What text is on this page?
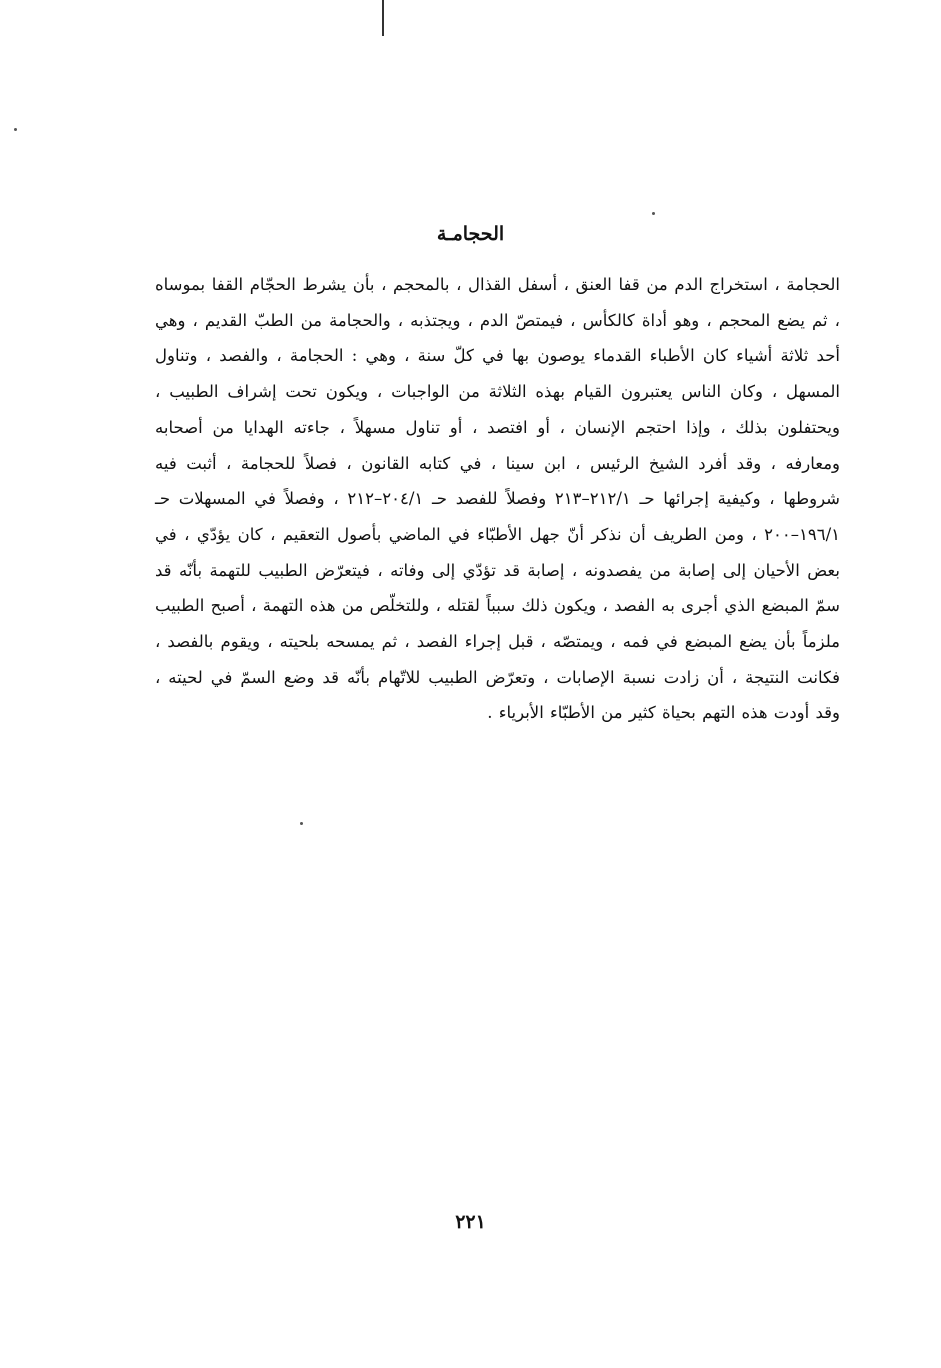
الحجامـة

الحجامة ، استخراج الدم من قفا العنق ، أسفل القذال ، بالمحجم ، بأن يشرط الحجّام القفا بموساه ، ثم يضع المحجم ، وهو أداة كالكأس ، فيمتصّ الدم ، ويجتذبه ، والحجامة من الطبّ القديم ، وهي أحد ثلاثة أشياء كان الأطباء القدماء يوصون بها في كلّ سنة ، وهي : الحجامة ، والفصد ، وتناول المسهل ، وكان الناس يعتبرون القيام بهذه الثلاثة من الواجبات ، ويكون تحت إشراف الطبيب ، ويحتفلون بذلك ، وإذا احتجم الإنسان ، أو افتصد ، أو تناول مسهلاً ، جاءته الهدايا من أصحابه ومعارفه ، وقد أفرد الشيخ الرئيس ، ابن سينا ، في كتابه القانون ، فصلاً للحجامة ، أثبت فيه شروطها ، وكيفية إجرائها حـ ٢١٢/١–٢١٣ وفصلاً للفصد حـ ٢٠٤/١–٢١٢ ، وفصلاً في المسهلات حـ ١٩٦/١–٢٠٠ ، ومن الطريف أن نذكر أنّ جهل الأطبّاء في الماضي بأصول التعقيم ، كان يؤدّي ، في بعض الأحيان إلى إصابة من يفصدونه ، إصابة قد تؤدّي إلى وفاته ، فيتعرّض الطبيب للتهمة بأنّه قد سمّ المبضع الذي أجرى به الفصد ، ويكون ذلك سبباً لقتله ، وللتخلّص من هذه التهمة ، أصبح الطبيب ملزماً بأن يضع المبضع في فمه ، ويمتصّه ، قبل إجراء الفصد ، ثم يمسحه بلحيته ، ويقوم بالفصد ، فكانت النتيجة ، أن زادت نسبة الإصابات ، وتعرّض الطبيب للاتّهام بأنّه قد وضع السمّ في لحيته ، وقد أودت هذه التهم بحياة كثير من الأطبّاء الأبرياء .

٢٢١
